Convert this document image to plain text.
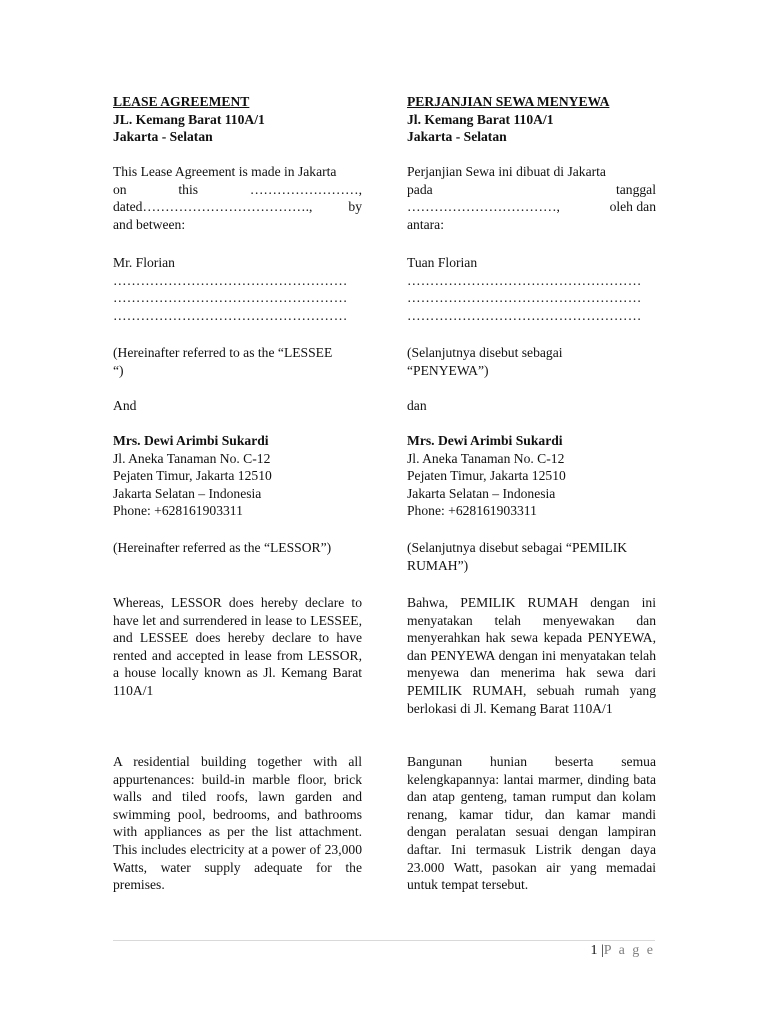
LEASE AGREEMENT

JL. Kemang Barat 110A/1

Jakarta - Selatan

This Lease Agreement is made in Jakarta

on	this	……………………,

dated……………………………….,	by

and between:

Mr. Florian

……………………………………………

……………………………………………

……………………………………………

(Hereinafter referred to as the “LESSEE

“)

And

Mrs. Dewi Arimbi Sukardi

Jl. Aneka Tanaman No. C-12

Pejaten Timur, Jakarta 12510

Jakarta Selatan – Indonesia

Phone: +628161903311

(Hereinafter referred as the “LESSOR”)

Whereas, LESSOR does hereby declare to have let and surrendered in lease to LESSEE, and LESSEE does hereby declare to have rented and accepted in lease from LESSOR, a house locally known as Jl. Kemang Barat 110A/1

A residential building together with all appurtenances: build-in marble floor, brick walls and tiled roofs, lawn garden and swimming pool, bedrooms, and bathrooms with appliances as per the list attachment. This includes electricity at a power of 23,000 Watts, water supply adequate for the premises.

PERJANJIAN SEWA MENYEWA

Jl. Kemang Barat 110A/1

Jakarta - Selatan

Perjanjian Sewa ini dibuat di Jakarta

pada	tanggal

……………………………,	oleh dan

antara:

Tuan Florian

……………………………………………

……………………………………………

……………………………………………

(Selanjutnya disebut sebagai

“PENYEWA”)

dan

Mrs. Dewi Arimbi Sukardi

Jl. Aneka Tanaman No. C-12

Pejaten Timur, Jakarta 12510

Jakarta Selatan – Indonesia

Phone: +628161903311

(Selanjutnya disebut sebagai “PEMILIK

RUMAH”)

Bahwa, PEMILIK RUMAH dengan ini menyatakan telah menyewakan dan menyerahkan hak sewa kepada PENYEWA, dan PENYEWA dengan ini menyatakan telah menyewa dan menerima hak sewa dari PEMILIK RUMAH, sebuah rumah yang berlokasi di Jl. Kemang Barat 110A/1

Bangunan hunian beserta semua kelengkapannya: lantai marmer, dinding bata dan atap genteng, taman rumput dan kolam renang, kamar tidur, dan kamar mandi dengan peralatan sesuai dengan lampiran daftar. Ini termasuk Listrik dengan daya 23.000 Watt, pasokan air yang memadai untuk tempat tersebut.

1 |P a g e
